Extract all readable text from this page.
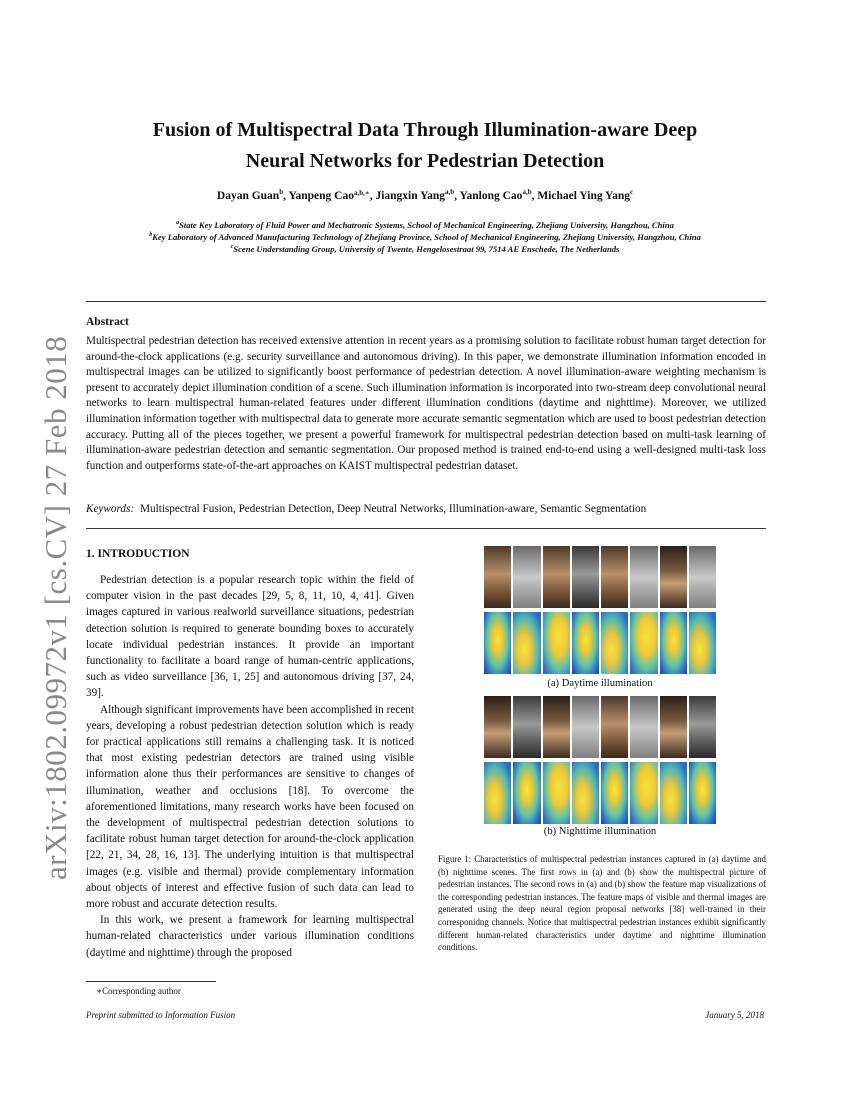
arXiv:1802.09972v1 [cs.CV] 27 Feb 2018
Fusion of Multispectral Data Through Illumination-aware Deep
Neural Networks for Pedestrian Detection
Dayan Guan$^b$, Yanpeng Cao$^{a,b,∗}$, Jiangxin Yang$^{a,b}$, Yanlong Cao$^{a,b}$, Michael Ying Yang$^c$
$^a$State Key Laboratory of Fluid Power and Mechatronic Systems, School of Mechanical Engineering, Zhejiang University, Hangzhou, China
$^b$Key Laboratory of Advanced Manufacturing Technology of Zhejiang Province, School of Mechanical Engineering, Zhejiang University, Hangzhou, China
$^c$Scene Understanding Group, University of Twente, Hengelosestraat 99, 7514 AE Enschede, The Netherlands
Abstract
Multispectral pedestrian detection has received extensive attention in recent years as a promising solution to facilitate robust human target detection for around-the-clock applications (e.g. security surveillance and autonomous driving). In this paper, we demonstrate illumination information encoded in multispectral images can be utilized to significantly boost performance of pedestrian detection. A novel illumination-aware weighting mechanism is present to accurately depict illumination condition of a scene. Such illumination information is incorporated into two-stream deep convolutional neural networks to learn multispectral human-related features under different illumination conditions (daytime and nighttime). Moreover, we utilized illumination information together with multispectral data to generate more accurate semantic segmentation which are used to boost pedestrian detection accuracy. Putting all of the pieces together, we present a powerful framework for multispectral pedestrian detection based on multi-task learning of illumination-aware pedestrian detection and semantic segmentation. Our proposed method is trained end-to-end using a well-designed multi-task loss function and outperforms state-of-the-art approaches on KAIST multispectral pedestrian dataset.
Keywords: Multispectral Fusion, Pedestrian Detection, Deep Neutral Networks, Illumination-aware, Semantic Segmentation
1. INTRODUCTION

Pedestrian detection is a popular research topic within the field of computer vision in the past decades [29, 5, 8, 11, 10, 4, 41]. Given images captured in various realworld surveillance situations, pedestrian detection solution is required to generate bounding boxes to accurately locate individual pedestrian instances. It provide an important functionality to facilitate a board range of human-centric applications, such as video surveillance [36, 1, 25] and autonomous driving [37, 24, 39].

Although significant improvements have been accomplished in recent years, developing a robust pedestrian detection solution which is ready for practical applications still remains a challenging task. It is noticed that most existing pedestrian detectors are trained using visible information alone thus their performances are sensitive to changes of illumination, weather and occlusions [18]. To overcome the aforementioned limitations, many research works have been focused on the development of multispectral pedestrian detection solutions to facilitate robust human target detection for around-the-clock application [22, 21, 34, 28, 16, 13]. The underlying intuition is that multispectral images (e.g. visible and thermal) provide complementary information about objects of interest and effective fusion of such data can lead to more robust and accurate detection results.

In this work, we present a framework for learning multispectral human-related characteristics under various illumination conditions (daytime and nighttime) through the proposed

(a) Daytime illumination
(b) Nighttime illumination
Figure 1: Characteristics of multispectral pedestrian instances captured in (a) daytime and (b) nighttime scenes. The first rows in (a) and (b) show the multispectral picture of pedestrian instances. The second rows in (a) and (b) show the feature map visualizations of the corresponding pedestrian instances. The feature maps of visible and thermal images are generated using the deep neural region proposal networks [38] well-trained in their corresponidng channels. Notice that multispectral pedestrian instances exhibit significantly different human-related characteristics under daytime and nighttime illumination conditions.
∗Corresponding author
Preprint submitted to Information Fusion	January 5, 2018
